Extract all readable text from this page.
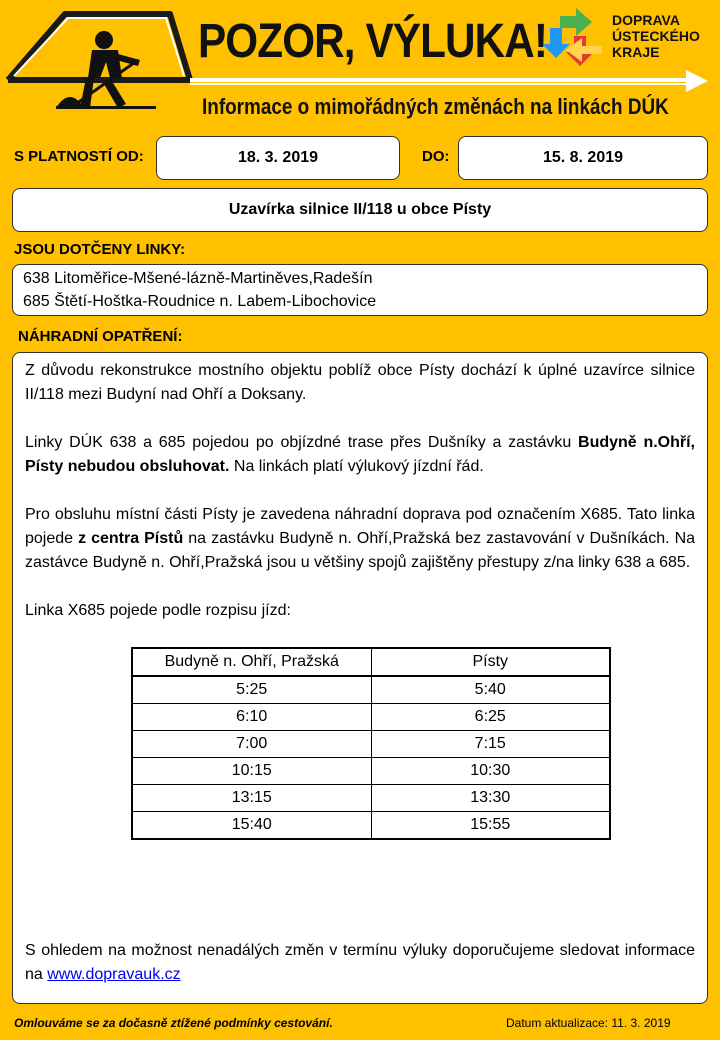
POZOR, VÝLUKA!	DOPRAVA
ÚSTECKÉHO
KRAJE
Informace o mimořádných změnách na linkách DÚK
S PLATNOSTÍ OD:	18. 3. 2019	DO:	15. 8. 2019
Uzavírka silnice II/118 u obce Písty
JSOU DOTČENY LINKY:
638 Litoměřice-Mšené-lázně-Martiněves,Radešín
685 Štětí-Hoštka-Roudnice n. Labem-Libochovice
NÁHRADNÍ OPATŘENÍ:

Z důvodu rekonstrukce mostního objektu poblíž obce Písty dochází k úplné uzavírce silnice II/118 mezi Budyní nad Ohří a Doksany.

Linky DÚK 638 a 685 pojedou po objízdné trase přes Dušníky a zastávku Budyně n.Ohří, Písty nebudou obsluhovat. Na linkách platí výlukový jízdní řád.

Pro obsluhu místní části Písty je zavedena náhradní doprava pod označením X685. Tato linka pojede z centra Pístů na zastávku Budyně n. Ohří,Pražská bez zastavování v Dušníkách. Na zastávce Budyně n. Ohří,Pražská jsou u většiny spojů zajištěny přestupy z/na linky 638 a 685.

Linka X685 pojede podle rozpisu jízd:

Budyně n. Ohří, Pražská	Písty
5:25	5:40
6:10	6:25
7:00	7:15
10:15	10:30
13:15	13:30
15:40	15:55

S ohledem na možnost nenadálých změn v termínu výluky doporučujeme sledovat informace na www.dopravauk.cz

Omlouváme se za dočasně ztížené podmínky cestování.	Datum aktualizace: 11. 3. 2019
